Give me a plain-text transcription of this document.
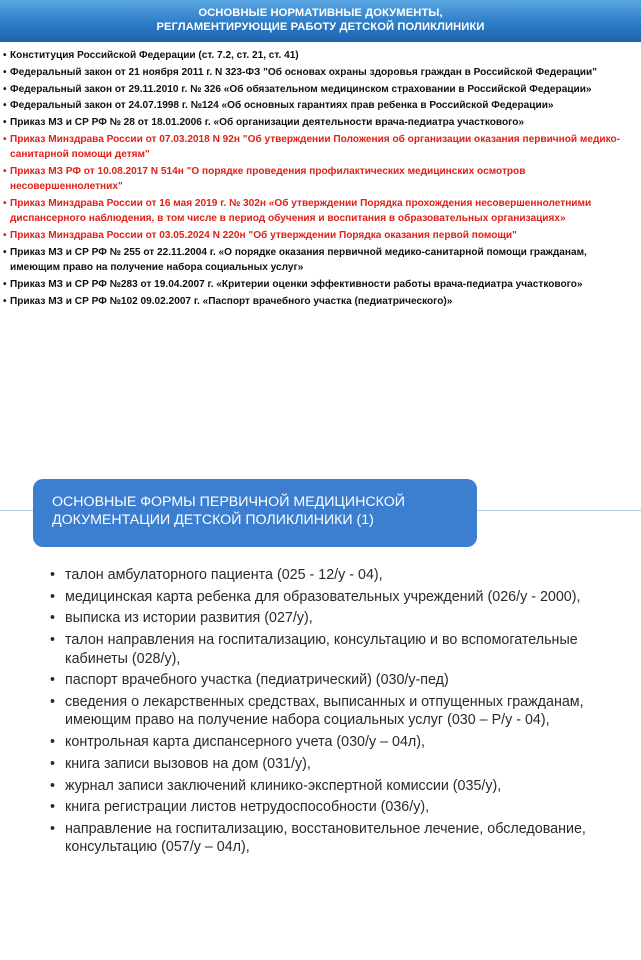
ОСНОВНЫЕ НОРМАТИВНЫЕ ДОКУМЕНТЫ,
РЕГЛАМЕНТИРУЮЩИЕ РАБОТУ ДЕТСКОЙ ПОЛИКЛИНИКИ
• Конституция Российской Федерации (ст. 7.2, ст. 21, ст. 41)
• Федеральный закон от 21 ноября 2011 г. N 323-ФЗ "Об основах охраны здоровья граждан в Российской Федерации"
• Федеральный закон от 29.11.2010 г. № 326 «Об обязательном медицинском страховании в Российской Федерации»
• Федеральный закон от 24.07.1998 г. №124 «Об основных гарантиях прав ребенка в Российской Федерации»
• Приказ МЗ и СР РФ № 28 от 18.01.2006 г. «Об организации деятельности врача-педиатра участкового»
• Приказ Минздрава России от 07.03.2018 N 92н "Об утверждении Положения об организации оказания первичной медико-санитарной помощи детям"
• Приказ МЗ РФ от 10.08.2017 N 514н "О порядке проведения профилактических медицинских осмотров несовершеннолетних"
• Приказ Минздрава России от 16 мая 2019 г. № 302н «Об утверждении Порядка прохождения несовершеннолетними диспансерного наблюдения, в том числе в период обучения и воспитания в образовательных организациях»
• Приказ Минздрава России от 03.05.2024 N 220н "Об утверждении Порядка оказания первой помощи"
• Приказ МЗ и СР РФ № 255 от 22.11.2004 г. «О порядке оказания первичной медико-санитарной помощи гражданам, имеющим право на получение набора социальных услуг»
• Приказ МЗ и СР РФ №283 от 19.04.2007 г. «Критерии оценки эффективности работы врача-педиатра участкового»
• Приказ МЗ и СР РФ №102 09.02.2007 г. «Паспорт врачебного участка (педиатрического)»
• талон амбулаторного пациента (025 - 12/у - 04),
• медицинская карта ребенка для образовательных учреждений (026/у - 2000),
• выписка из истории развития (027/у),
• талон направления на госпитализацию, консультацию и во вспомогательные кабинеты (028/у),
• паспорт врачебного участка (педиатрический) (030/у-пед)
• сведения о лекарственных средствах, выписанных и отпущенных гражданам, имеющим право на получение набора социальных услуг (030 – Р/у - 04),
• контрольная карта диспансерного учета (030/у – 04л),
• книга записи вызовов на дом (031/у),
• журнал записи заключений клинико-экспертной комиссии (035/у),
• книга регистрации листов нетрудоспособности (036/у),
• направление на госпитализацию, восстановительное лечение, обследование, консультацию (057/у – 04л),
ОСНОВНЫЕ ФОРМЫ ПЕРВИЧНОЙ МЕДИЦИНСКОЙ
ДОКУМЕНТАЦИИ ДЕТСКОЙ ПОЛИКЛИНИКИ (1)
